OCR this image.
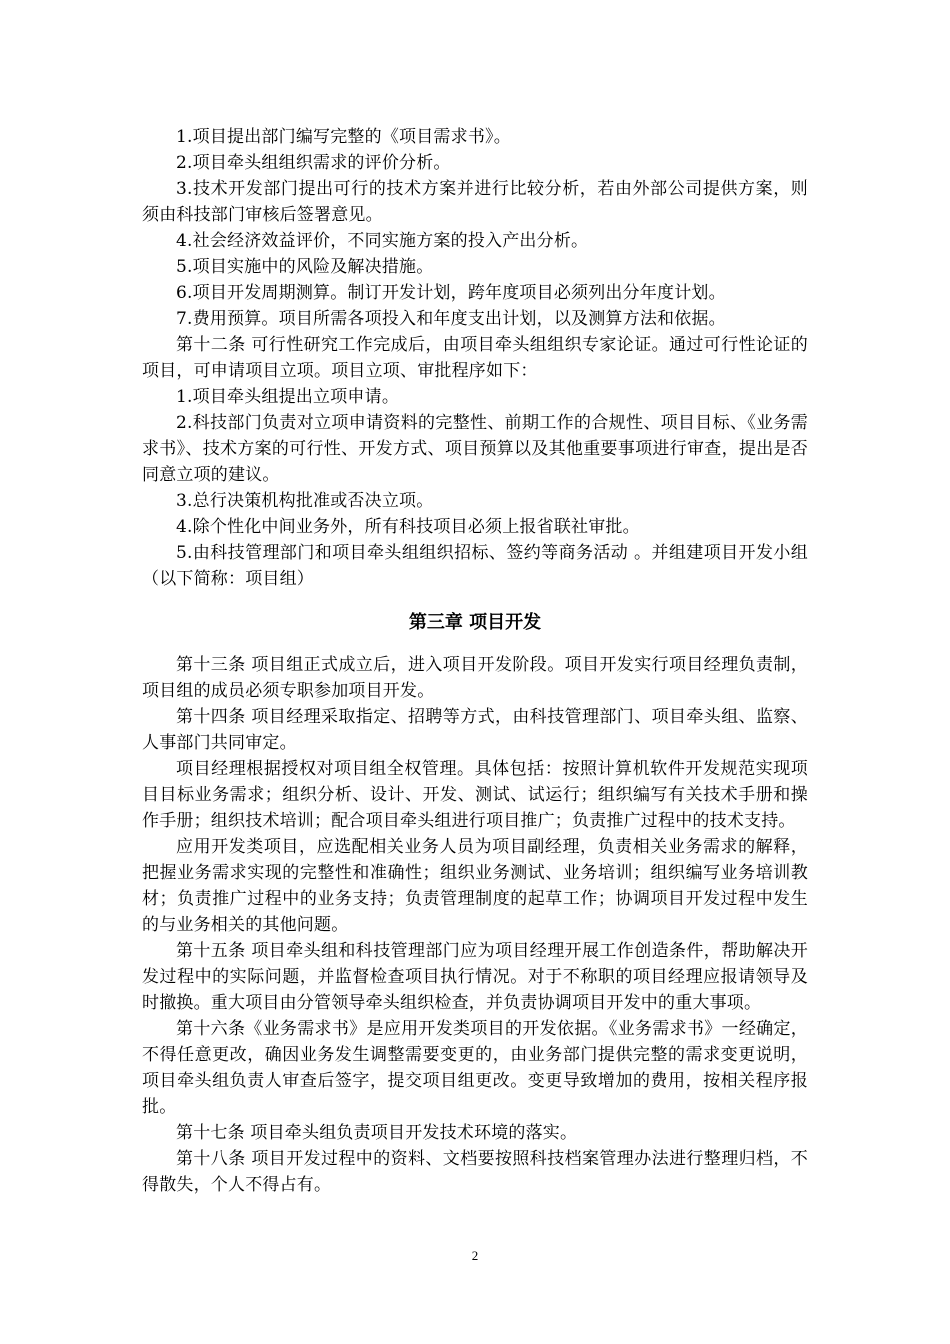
1.项目提出部门编写完整的《项目需求书》。

2.项目牵头组组织需求的评价分析。

3.技术开发部门提出可行的技术方案并进行比较分析，若由外部公司提供方案，则须由科技部门审核后签署意见。

4.社会经济效益评价，不同实施方案的投入产出分析。

5.项目实施中的风险及解决措施。

6.项目开发周期测算。制订开发计划，跨年度项目必须列出分年度计划。

7.费用预算。项目所需各项投入和年度支出计划，以及测算方法和依据。

第十二条 可行性研究工作完成后，由项目牵头组组织专家论证。通过可行性论证的项目，可申请项目立项。项目立项、审批程序如下：

1.项目牵头组提出立项申请。

2.科技部门负责对立项申请资料的完整性、前期工作的合规性、项目目标、《业务需求书》、技术方案的可行性、开发方式、项目预算以及其他重要事项进行审查，提出是否同意立项的建议。

3.总行决策机构批准或否决立项。

4.除个性化中间业务外，所有科技项目必须上报省联社审批。

5.由科技管理部门和项目牵头组组织招标、签约等商务活动 。并组建项目开发小组（以下简称：项目组）

第三章 项目开发

第十三条 项目组正式成立后，进入项目开发阶段。项目开发实行项目经理负责制，项目组的成员必须专职参加项目开发。

第十四条 项目经理采取指定、招聘等方式，由科技管理部门、项目牵头组、监察、人事部门共同审定。

项目经理根据授权对项目组全权管理。具体包括：按照计算机软件开发规范实现项目目标业务需求；组织分析、设计、开发、测试、试运行；组织编写有关技术手册和操作手册；组织技术培训；配合项目牵头组进行项目推广；负责推广过程中的技术支持。

应用开发类项目，应选配相关业务人员为项目副经理，负责相关业务需求的解释，把握业务需求实现的完整性和准确性；组织业务测试、业务培训；组织编写业务培训教材；负责推广过程中的业务支持；负责管理制度的起草工作；协调项目开发过程中发生的与业务相关的其他问题。

第十五条 项目牵头组和科技管理部门应为项目经理开展工作创造条件，帮助解决开发过程中的实际问题，并监督检查项目执行情况。对于不称职的项目经理应报请领导及时撤换。重大项目由分管领导牵头组织检查，并负责协调项目开发中的重大事项。

第十六条《业务需求书》是应用开发类项目的开发依据。《业务需求书》一经确定，不得任意更改，确因业务发生调整需要变更的，由业务部门提供完整的需求变更说明，项目牵头组负责人审查后签字，提交项目组更改。变更导致增加的费用，按相关程序报批。

第十七条 项目牵头组负责项目开发技术环境的落实。

第十八条 项目开发过程中的资料、文档要按照科技档案管理办法进行整理归档，不得散失，个人不得占有。

2
